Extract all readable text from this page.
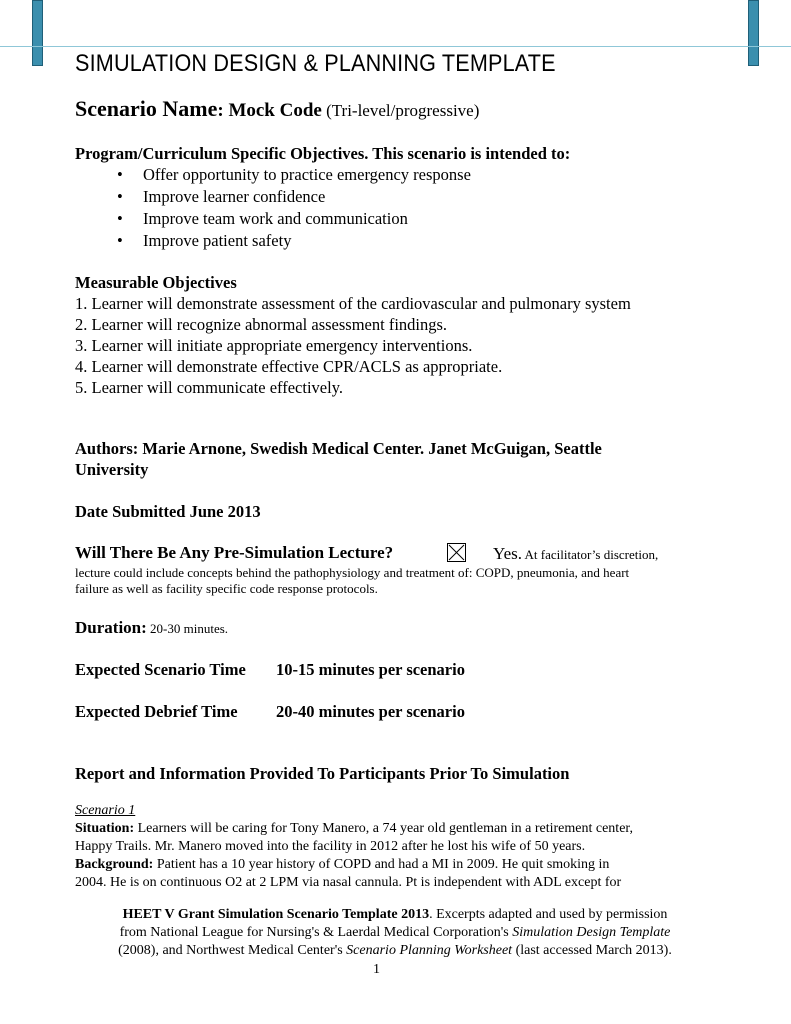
SIMULATION DESIGN & PLANNING TEMPLATE
Scenario Name: Mock Code (Tri-level/progressive)
Program/Curriculum Specific Objectives. This scenario is intended to:
• Offer opportunity to practice emergency response
• Improve learner confidence
• Improve team work and communication
• Improve patient safety
Measurable Objectives
1. Learner will demonstrate assessment of the cardiovascular and pulmonary system
2. Learner will recognize abnormal assessment findings.
3. Learner will initiate appropriate emergency interventions.
4. Learner will demonstrate effective CPR/ACLS as appropriate.
5. Learner will communicate effectively.
Authors: Marie Arnone, Swedish Medical Center. Janet McGuigan, Seattle
University
Date Submitted June 2013
Will There Be Any Pre-Simulation Lecture?	Yes. At facilitator’s discretion,
lecture could include concepts behind the pathophysiology and treatment of: COPD, pneumonia, and heart
failure as well as facility specific code response protocols.
Duration: 20-30 minutes.
Expected Scenario Time 10-15 minutes per scenario
Expected Debrief Time 20-40 minutes per scenario
Report and Information Provided To Participants Prior To Simulation
Scenario 1
Situation: Learners will be caring for Tony Manero, a 74 year old gentleman in a retirement center,
Happy Trails. Mr. Manero moved into the facility in 2012 after he lost his wife of 50 years.
Background: Patient has a 10 year history of COPD and had a MI in 2009. He quit smoking in
2004. He is on continuous O2 at 2 LPM via nasal cannula. Pt is independent with ADL except for
HEET V Grant Simulation Scenario Template 2013. Excerpts adapted and used by permission
from National League for Nursing's & Laerdal Medical Corporation's Simulation Design Template
(2008), and Northwest Medical Center's Scenario Planning Worksheet (last accessed March 2013).
1
